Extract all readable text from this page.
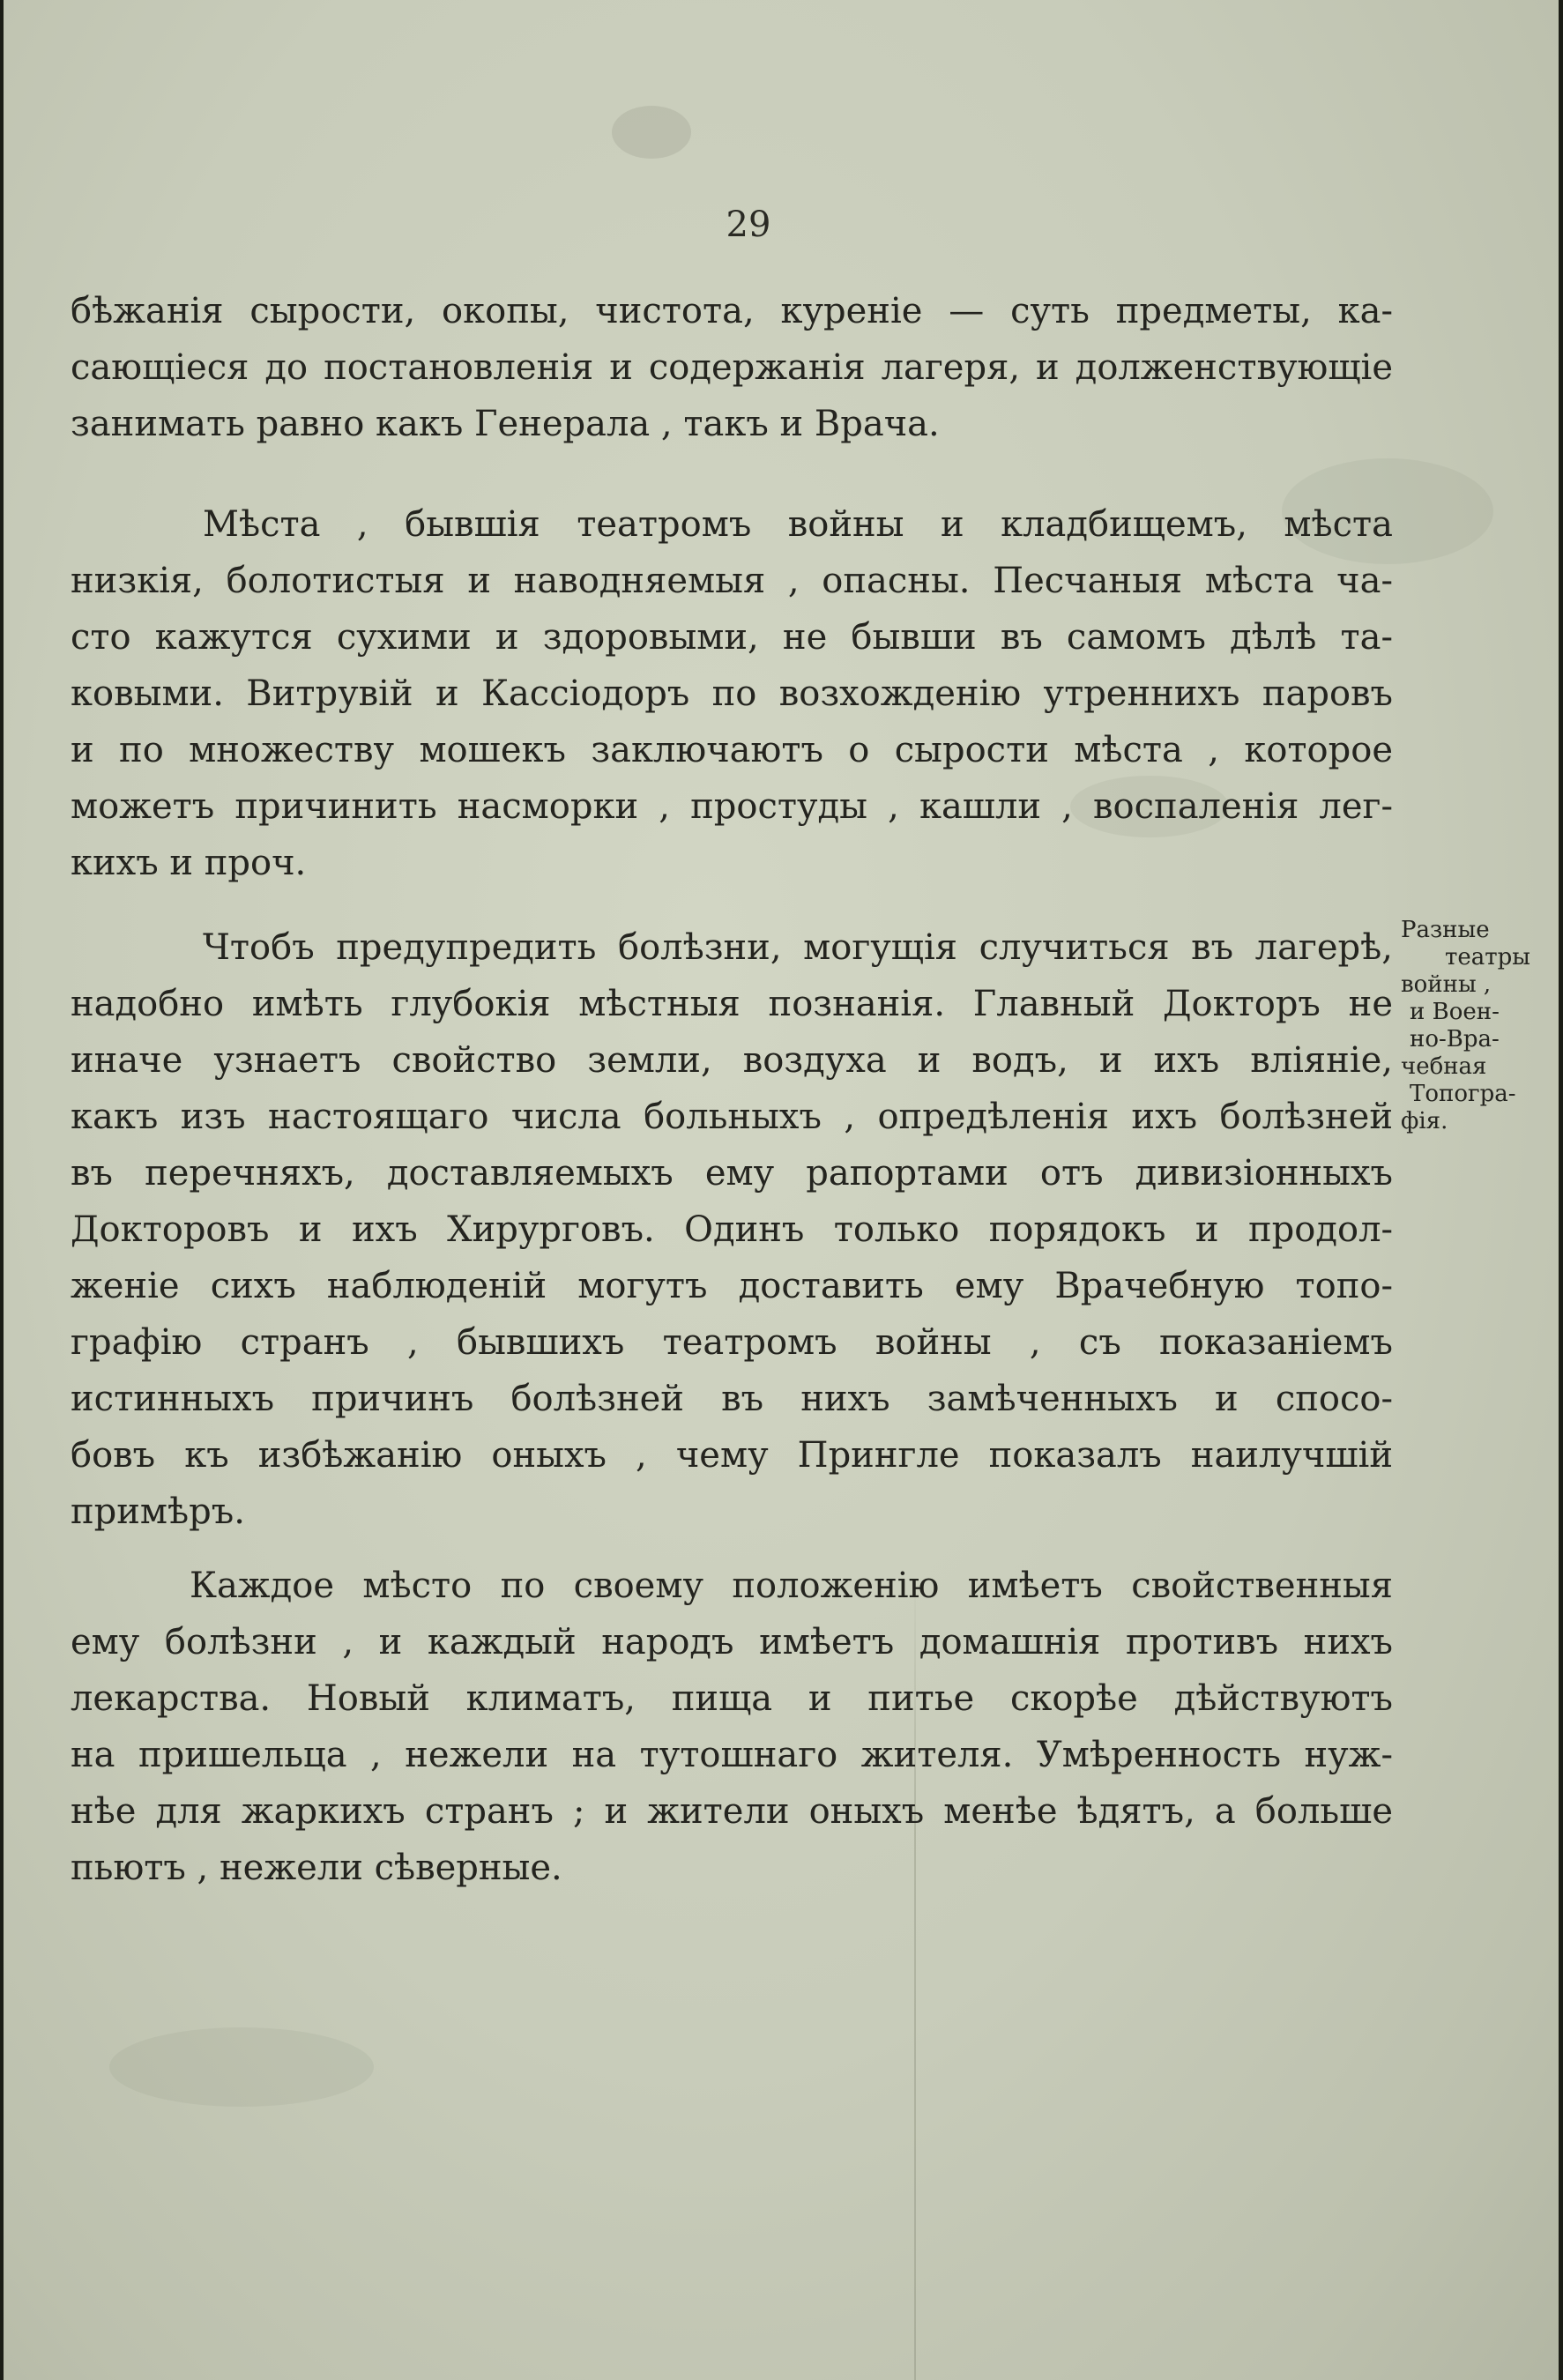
29
бѣжанія сырости, окопы, чистота, куреніе — суть предметы, ка-
сающіеся до постановленія и содержанія лагеря, и долженствующіе
занимать равно какъ Генерала , такъ и Врача.
Мѣста , бывшія театромъ войны и кладбищемъ, мѣста
низкія, болотистыя и наводняемыя , опасны. Песчаныя мѣста ча-
сто кажутся сухими и здоровыми, не бывши въ самомъ дѣлѣ та-
ковыми. Витрувій и Кассіодоръ по возхожденію утреннихъ паровъ
и по множеству мошекъ заключаютъ о сырости мѣста , которое
можетъ причинить насморки , простуды , кашли , воспаленія лег-
кихъ и проч.
Чтобъ предупредить болѣзни, могущія случиться въ лагерѣ,
надобно имѣть глубокія мѣстныя познанія. Главный Докторъ не
иначе узнаетъ свойство земли, воздуха и водъ, и ихъ вліяніе,
какъ изъ настоящаго числа больныхъ , опредѣленія ихъ болѣзней
въ перечняхъ, доставляемыхъ ему рапортами отъ дивизіонныхъ
Докторовъ и ихъ Хирурговъ. Одинъ только порядокъ и продол-
женіе сихъ наблюденій могутъ доставить ему Врачебную топо-
графію странъ , бывшихъ театромъ войны , съ показаніемъ
истинныхъ причинъ болѣзней въ нихъ замѣченныхъ и спосо-
бовъ къ избѣжанію оныхъ , чему Прингле показалъ наилучшій
примѣръ.
Каждое мѣсто по своему положенію имѣетъ свойственныя
ему болѣзни , и каждый народъ имѣетъ домашнія противъ нихъ
лекарства. Новый климатъ, пища и питье скорѣе дѣйствуютъ
на пришельца , нежели на тутошнаго жителя. Умѣренность нуж-
нѣе для жаркихъ странъ ; и жители оныхъ менѣе ѣдятъ, а больше
пьютъ , нежели сѣверные.
Разные
театры
войны ,
и Воен-
но-Вра-
чебная
Топогра-
фія.
